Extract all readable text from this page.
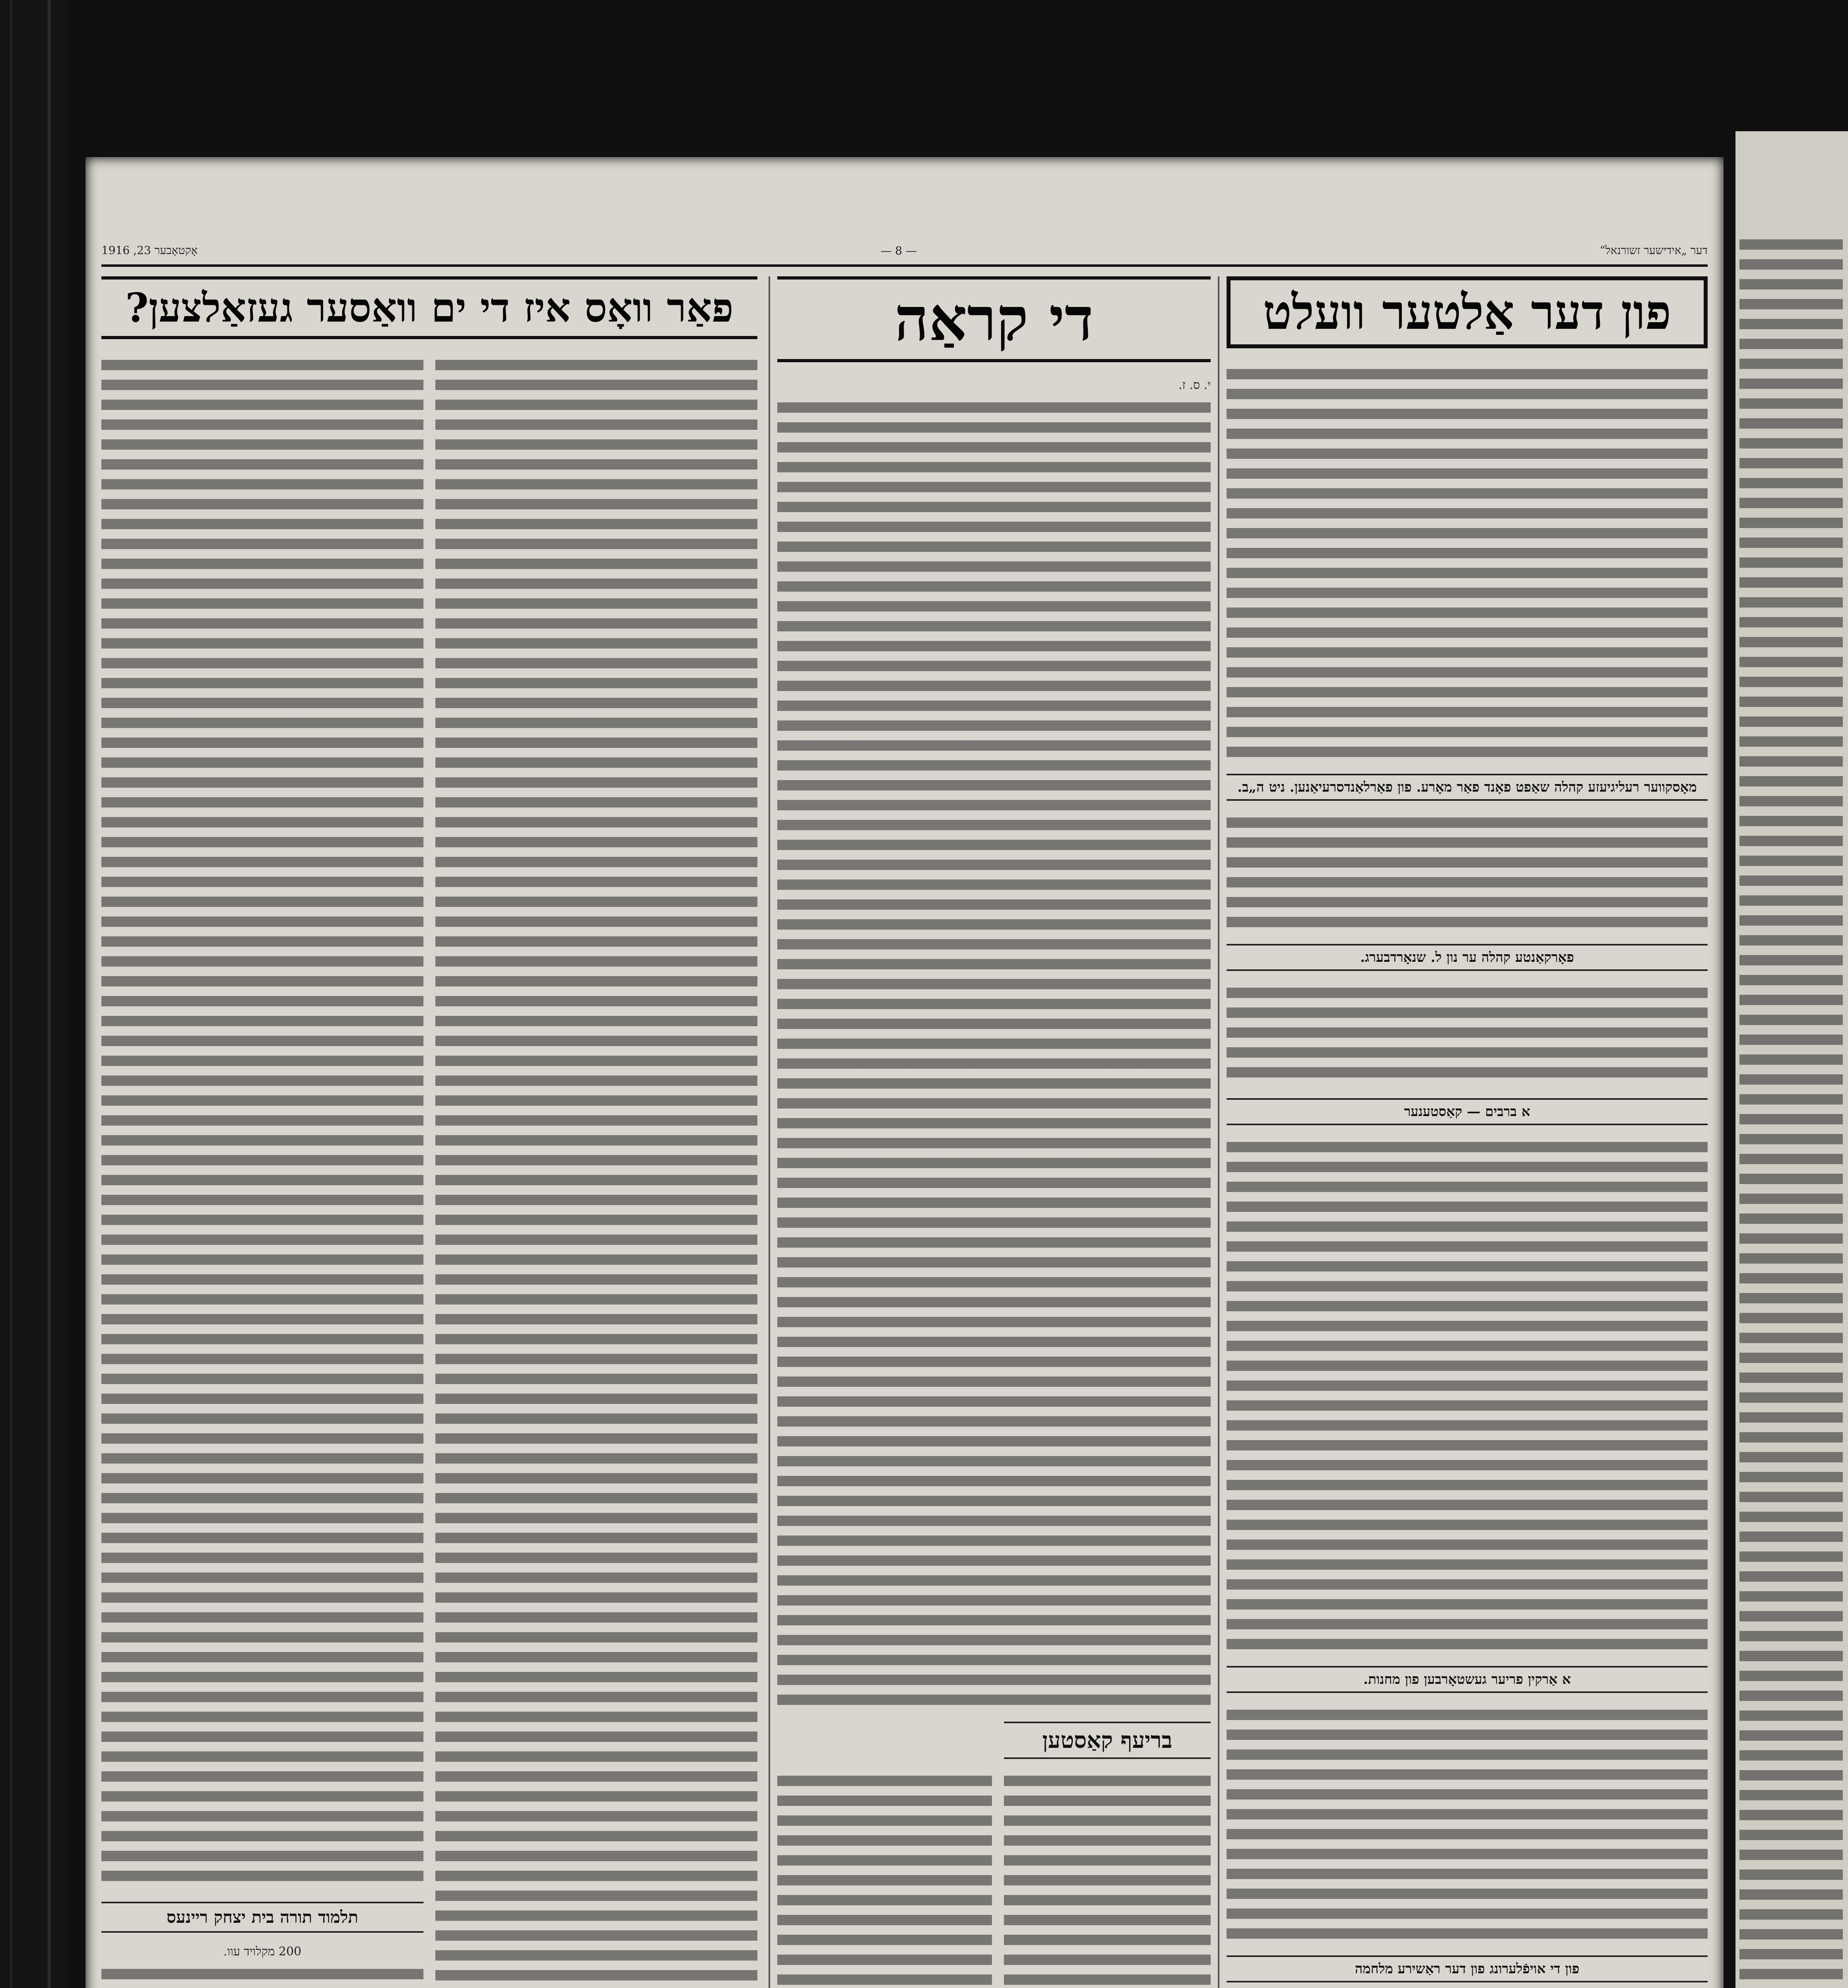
דער „אידישער זשורנאל“
— 8 —
אָקטאָבער 23, 1916
פון דער אַלטער וועלט
מאָסקווער רעליגיעזע קהלה שאַפט פאָנד פאַר מאָרע. פון פאַרלאַנדסרעיאַנען. ניט ה„ב.
פאָרקאַנטע קהלה ער נון ל. שנאָרדבערג.
א ברבים — קאַסטענער
א אַרקין פריער געשטאָרבען פון מחנות.
פון די אויפֿלערונג פון דער ראַשירע מלחמה
די קראַה
י. ס. ז.
בריעף קאַסטען
פאַר וואָס איז די ים וואַסער געזאַלצען?
תלמוד תורה בית יצחק ריינעס
200 מקלויד עוו.
